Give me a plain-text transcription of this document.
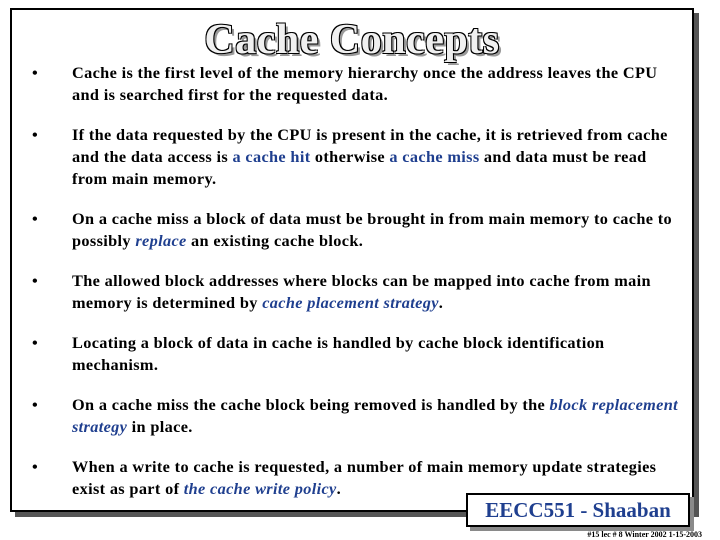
Cache Concepts
• Cache is the first level of the memory hierarchy once the address leaves the CPU and is searched first for the requested data.
• If the data requested by the CPU is present in the cache, it is retrieved from cache and the data access is a cache hit otherwise a cache miss and data must be read from main memory.
• On a cache miss a block of data must be brought in from main memory to cache to possibly replace an existing cache block.
• The allowed block addresses where blocks can be mapped into cache from main memory is determined by cache placement strategy.
• Locating a block of data in cache is handled by cache block identification mechanism.
• On a cache miss the cache block being removed is handled by the block replacement strategy in place.
• When a write to cache is requested, a number of main memory update strategies exist as part of the cache write policy.
EECC551 - Shaaban
#15 lec # 8 Winter 2002 1-15-2003
